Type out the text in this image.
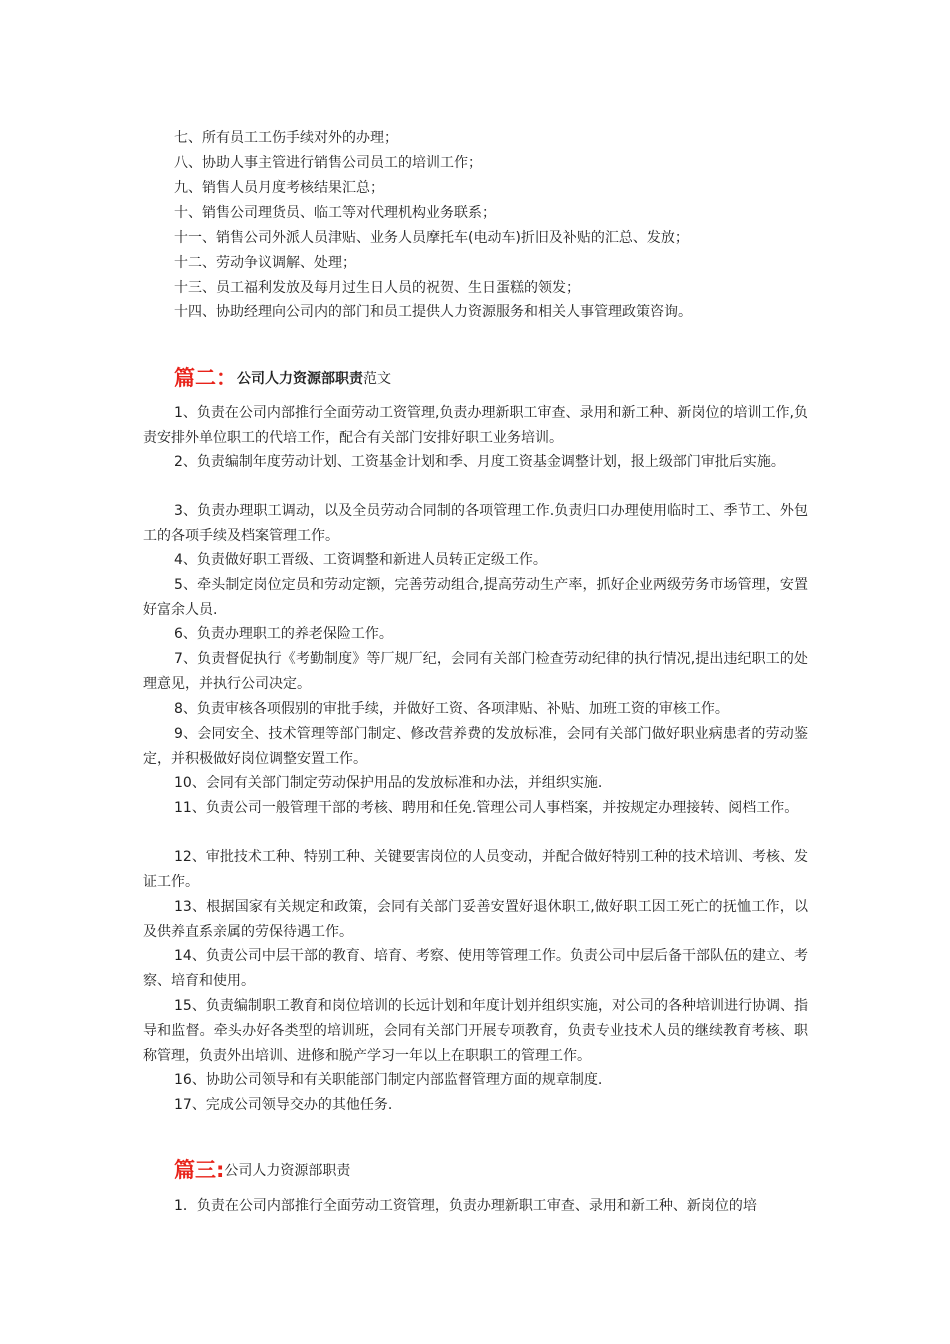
七、所有员工工伤手续对外的办理；
八、协助人事主管进行销售公司员工的培训工作；
九、销售人员月度考核结果汇总；
十、销售公司理货员、临工等对代理机构业务联系；
十一、销售公司外派人员津贴、业务人员摩托车(电动车)折旧及补贴的汇总、发放；
十二、劳动争议调解、处理；
十三、员工福利发放及每月过生日人员的祝贺、生日蛋糕的领发；
十四、协助经理向公司内的部门和员工提供人力资源服务和相关人事管理政策咨询。
篇二：公司人力资源部职责范文
1、负责在公司内部推行全面劳动工资管理,负责办理新职工审查、录用和新工种、新岗位的培训工作,负责安排外单位职工的代培工作，配合有关部门安排好职工业务培训。
2、负责编制年度劳动计划、工资基金计划和季、月度工资基金调整计划，报上级部门审批后实施。
3、负责办理职工调动，以及全员劳动合同制的各项管理工作.负责归口办理使用临时工、季节工、外包工的各项手续及档案管理工作。
4、负责做好职工晋级、工资调整和新进人员转正定级工作。
5、牵头制定岗位定员和劳动定额，完善劳动组合,提高劳动生产率，抓好企业两级劳务市场管理，安置好富余人员.
6、负责办理职工的养老保险工作。
7、负责督促执行《考勤制度》等厂规厂纪，会同有关部门检查劳动纪律的执行情况,提出违纪职工的处理意见，并执行公司决定。
8、负责审核各项假别的审批手续，并做好工资、各项津贴、补贴、加班工资的审核工作。
9、会同安全、技术管理等部门制定、修改营养费的发放标准，会同有关部门做好职业病患者的劳动鉴定，并积极做好岗位调整安置工作。
10、会同有关部门制定劳动保护用品的发放标准和办法，并组织实施.
11、负责公司一般管理干部的考核、聘用和任免.管理公司人事档案，并按规定办理接转、阅档工作。
12、审批技术工种、特别工种、关键要害岗位的人员变动，并配合做好特别工种的技术培训、考核、发证工作。
13、根据国家有关规定和政策，会同有关部门妥善安置好退休职工,做好职工因工死亡的抚恤工作，以及供养直系亲属的劳保待遇工作。
14、负责公司中层干部的教育、培育、考察、使用等管理工作。负责公司中层后备干部队伍的建立、考察、培育和使用。
15、负责编制职工教育和岗位培训的长远计划和年度计划并组织实施，对公司的各种培训进行协调、指导和监督。牵头办好各类型的培训班，会同有关部门开展专项教育，负责专业技术人员的继续教育考核、职称管理，负责外出培训、进修和脱产学习一年以上在职职工的管理工作。
16、协助公司领导和有关职能部门制定内部监督管理方面的规章制度.
17、完成公司领导交办的其他任务.
篇三:公司人力资源部职责
1．负责在公司内部推行全面劳动工资管理，负责办理新职工审查、录用和新工种、新岗位的培
